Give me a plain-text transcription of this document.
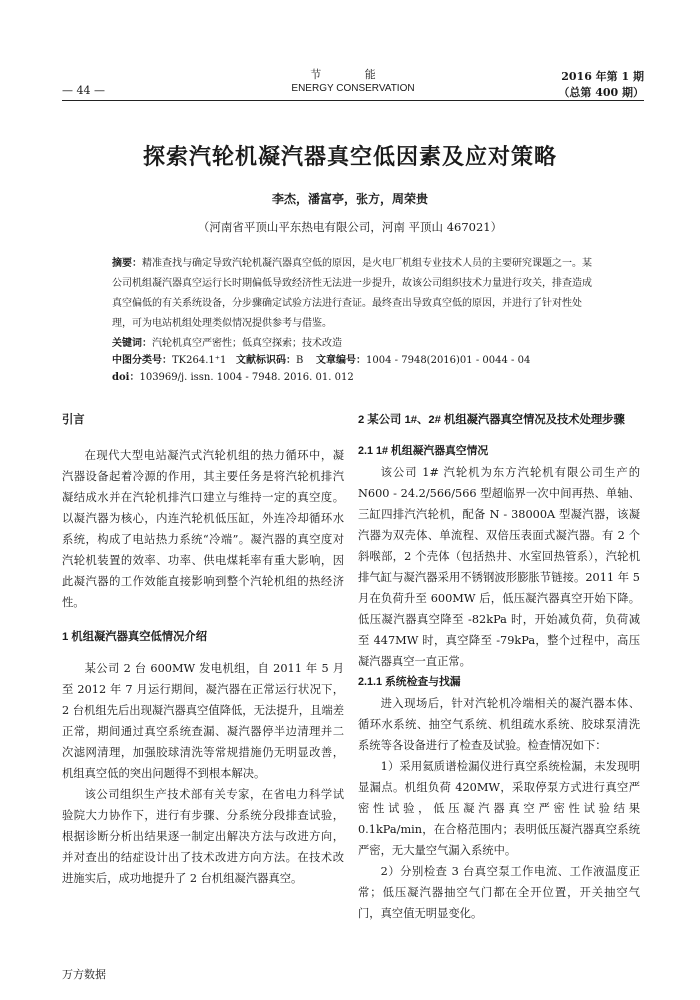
— 44 —
节 能
ENERGY CONSERVATION
2016 年第 1 期
（总第 400 期）
探索汽轮机凝汽器真空低因素及应对策略
李杰，潘富亭，张方，周荣贵
（河南省平顶山平东热电有限公司，河南 平顶山 467021）
摘要：精准查找与确定导致汽轮机凝汽器真空低的原因，是火电厂机组专业技术人员的主要研究课题之一。某公司机组凝汽器真空运行长时期偏低导致经济性无法进一步提升，故该公司组织技术力量进行攻关，排查造成真空偏低的有关系统设备，分步骤确定试验方法进行查证。最终查出导致真空低的原因，并进行了针对性处理，可为电站机组处理类似情况提供参考与借鉴。
关键词：汽轮机真空严密性；低真空探索；技术改造
中图分类号：TK264.1⁺1 文献标识码：B 文章编号：1004 - 7948(2016)01 - 0044 - 04
doi：103969/j. issn. 1004 - 7948. 2016. 01. 012
引言

在现代大型电站凝汽式汽轮机组的热力循环中，凝汽器设备起着冷源的作用，其主要任务是将汽轮机排汽凝结成水并在汽轮机排汽口建立与维持一定的真空度。以凝汽器为核心，内连汽轮机低压缸，外连冷却循环水系统，构成了电站热力系统“冷端”。凝汽器的真空度对汽轮机装置的效率、功率、供电煤耗率有重大影响，因此凝汽器的工作效能直接影响到整个汽轮机组的热经济性。

1 机组凝汽器真空低情况介绍

某公司 2 台 600MW 发电机组，自 2011 年 5 月至 2012 年 7 月运行期间，凝汽器在正常运行状况下，2 台机组先后出现凝汽器真空值降低，无法提升，且端差正常，期间通过真空系统查漏、凝汽器停半边清理并二次滤网清理，加强胶球清洗等常规措施仍无明显改善，机组真空低的突出问题得不到根本解决。

该公司组织生产技术部有关专家，在省电力科学试验院大力协作下，进行有步骤、分系统分段排查试验，根据诊断分析出结果逐一制定出解决方法与改进方向，并对查出的结症设计出了技术改进方向方法。在技术改进施实后，成功地提升了 2 台机组凝汽器真空。

2 某公司 1#、2# 机组凝汽器真空情况及技术处理步骤
2.1 1# 机组凝汽器真空情况

该公司 1# 汽轮机为东方汽轮机有限公司生产的 N600 - 24.2/566/566 型超临界一次中间再热、单轴、三缸四排汽汽轮机，配备 N - 38000A 型凝汽器，该凝汽器为双壳体、单流程、双倍压表面式凝汽器。有 2 个斜喉部，2 个壳体（包括热井、水室回热管系），汽轮机排气缸与凝汽器采用不锈钢波形膨胀节链接。2011 年 5 月在负荷升至 600MW 后，低压凝汽器真空开始下降。低压凝汽器真空降至 -82kPa 时，开始减负荷，负荷减至 447MW 时，真空降至 -79kPa，整个过程中，高压凝汽器真空一直正常。

2.1.1 系统检查与找漏

进入现场后，针对汽轮机冷端相关的凝汽器本体、循环水系统、抽空气系统、机组疏水系统、胶球泵清洗系统等各设备进行了检查及试验。检查情况如下：

1）采用氦质谱检漏仪进行真空系统检漏，未发现明显漏点。机组负荷 420MW，采取停泵方式进行真空严密性试验，低压凝汽器真空严密性试验结果 0.1kPa/min，在合格范围内；表明低压凝汽器真空系统严密，无大量空气漏入系统中。

2）分别检查 3 台真空泵工作电流、工作液温度正常；低压凝汽器抽空气门都在全开位置，开关抽空气门，真空值无明显变化。

万方数据
